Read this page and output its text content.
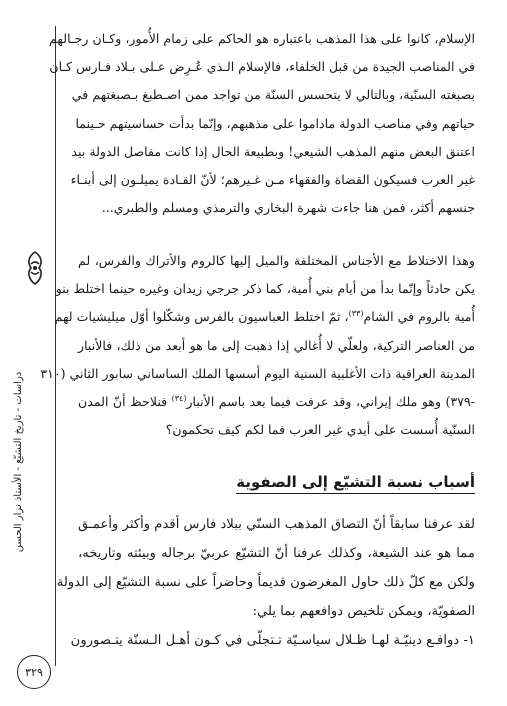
دراسات - تاريخ التشيّع - الأستاذ نزار الحسن
٣٢٩
الإسلام، كانوا على هذا المذهب باعتباره هو الحاكم على زمام الأُمور، وكـان رجـالهم
في المناصب الجيدة من قبل الخلفاء، فالإسلام الـذي عُـرِض عـلى بـلاد فـارس كـان
بصبغته السنّية، وبالتالي لا يتحسس السنّة من تواجد ممن اصـطبغ بـصبغتهم في
حياتهم وفي مناصب الدولة ماداموا على مذهبهم، وإنّما بدأت حساسيتهم حـينما
اعتنق البعض منهم المذهب الشيعي! وبطبيعة الحال إذا كانت مفاصل الدولة بيد
غير العرب فسيكون القضاة والفقهاء مـن غـيرهم؛ لأنّ القـادة يميلـون إلى أبنـاء
جنسهم أكثر، فمن هنا جاءت شهرة البخاري والترمذي ومسلم والطبري...
وهذا الاختلاط مع الأجناس المختلفة والميل إليها كالروم والأتراك والفرس، لم
يكن حادثاً وإنّما بدأ من أيام بني أُمية، كما ذكر جرجي زيدان وغيره حينما اختلط بنو
أُمية بالروم في الشام$^{(٣٣)}$، ثمّ اختلط العباسيون بالفرس وشكّلوا أوّل ميليشيات لهم
من العناصر التركية، ولعلّي لا أُغالي إذا ذهبت إلى ما هو أبعد من ذلك، فالأنبار
المدينة العراقية ذات الأغلبية السنية اليوم أسسها الملك الساساني سابور الثاني (٣١٠
-٣٧٩) وهو ملك إيراني، وقد عرفت فيما بعد باسم الأنبار$^{(٣٤)}$ فنلاحظ أنّ المدن
السنّية أُسست على أيدي غير العرب فما لكم كيف تحكمون؟
أسباب نسبة التشيّع إلى الصفوية
لقد عرفنا سابقاً أنّ التصاق المذهب السنّي ببلاد فارس أقدم وأكثر وأعمـق
مما هو عند الشيعة، وكذلك عرفنا أنّ التشيّع عربيّ برجاله وبيئته وتاريخه،
ولكن مع كلّ ذلك حاول المغرضون قديماً وحاضراً على نسبة التشيّع إلى الدولة
الصفويّة، ويمكن تلخيص دوافعهم بما يلي:
١- دوافـع دينيّـة لهـا ظـلال سياسـيّة تـتجلّى في كـون أهـل الـسنّة يتـصورون
